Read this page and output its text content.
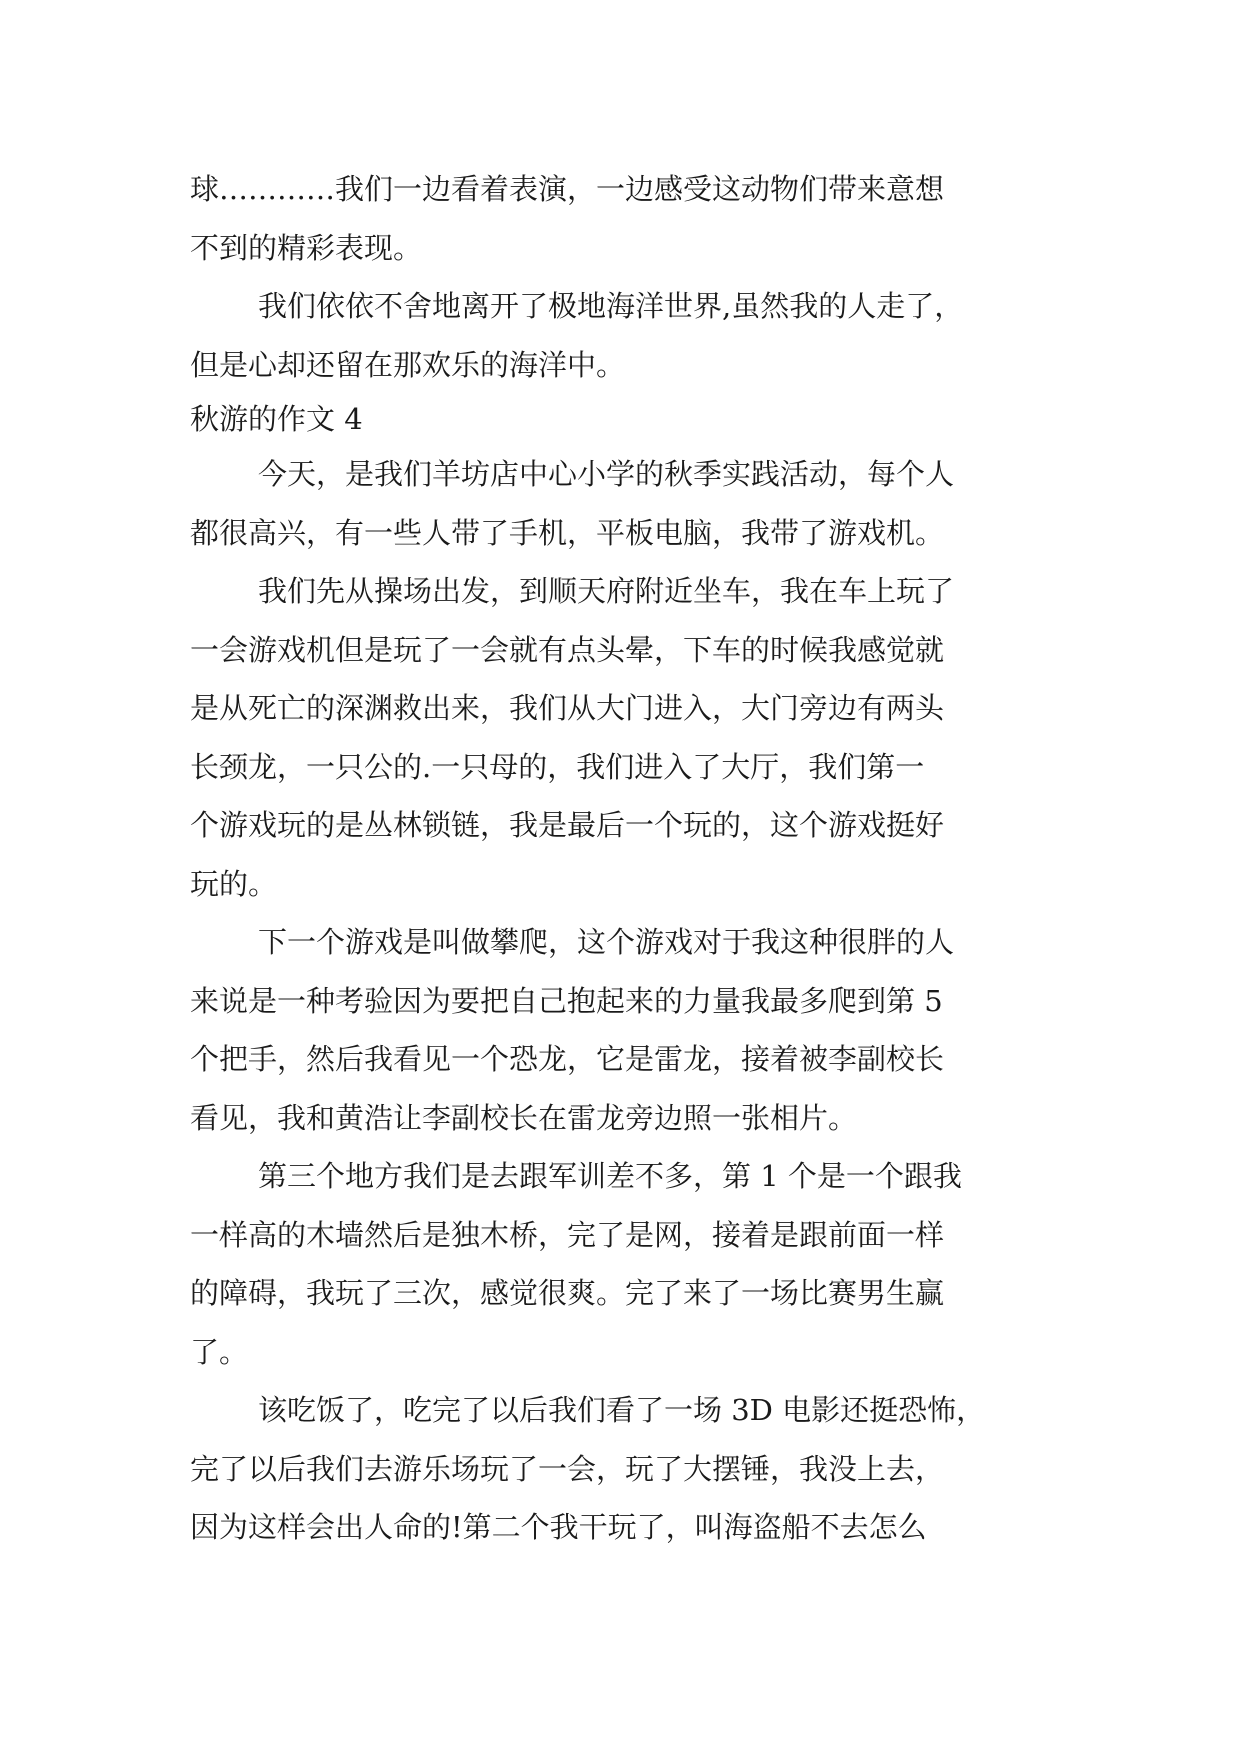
球…………我们一边看着表演，一边感受这动物们带来意想
不到的精彩表现。
我们依依不舍地离开了极地海洋世界,虽然我的人走了，
但是心却还留在那欢乐的海洋中。
秋游的作文 4
今天，是我们羊坊店中心小学的秋季实践活动，每个人
都很高兴，有一些人带了手机，平板电脑，我带了游戏机。
我们先从操场出发，到顺天府附近坐车，我在车上玩了
一会游戏机但是玩了一会就有点头晕，下车的时候我感觉就
是从死亡的深渊救出来，我们从大门进入，大门旁边有两头
长颈龙，一只公的.一只母的，我们进入了大厅，我们第一
个游戏玩的是丛林锁链，我是最后一个玩的，这个游戏挺好
玩的。
下一个游戏是叫做攀爬，这个游戏对于我这种很胖的人
来说是一种考验因为要把自己抱起来的力量我最多爬到第 5
个把手，然后我看见一个恐龙，它是雷龙，接着被李副校长
看见，我和黄浩让李副校长在雷龙旁边照一张相片。
第三个地方我们是去跟军训差不多，第 1 个是一个跟我
一样高的木墙然后是独木桥，完了是网，接着是跟前面一样
的障碍，我玩了三次，感觉很爽。完了来了一场比赛男生赢
了。
该吃饭了，吃完了以后我们看了一场 3D 电影还挺恐怖，
完了以后我们去游乐场玩了一会，玩了大摆锤，我没上去，
因为这样会出人命的!第二个我干玩了，叫海盗船不去怎么
